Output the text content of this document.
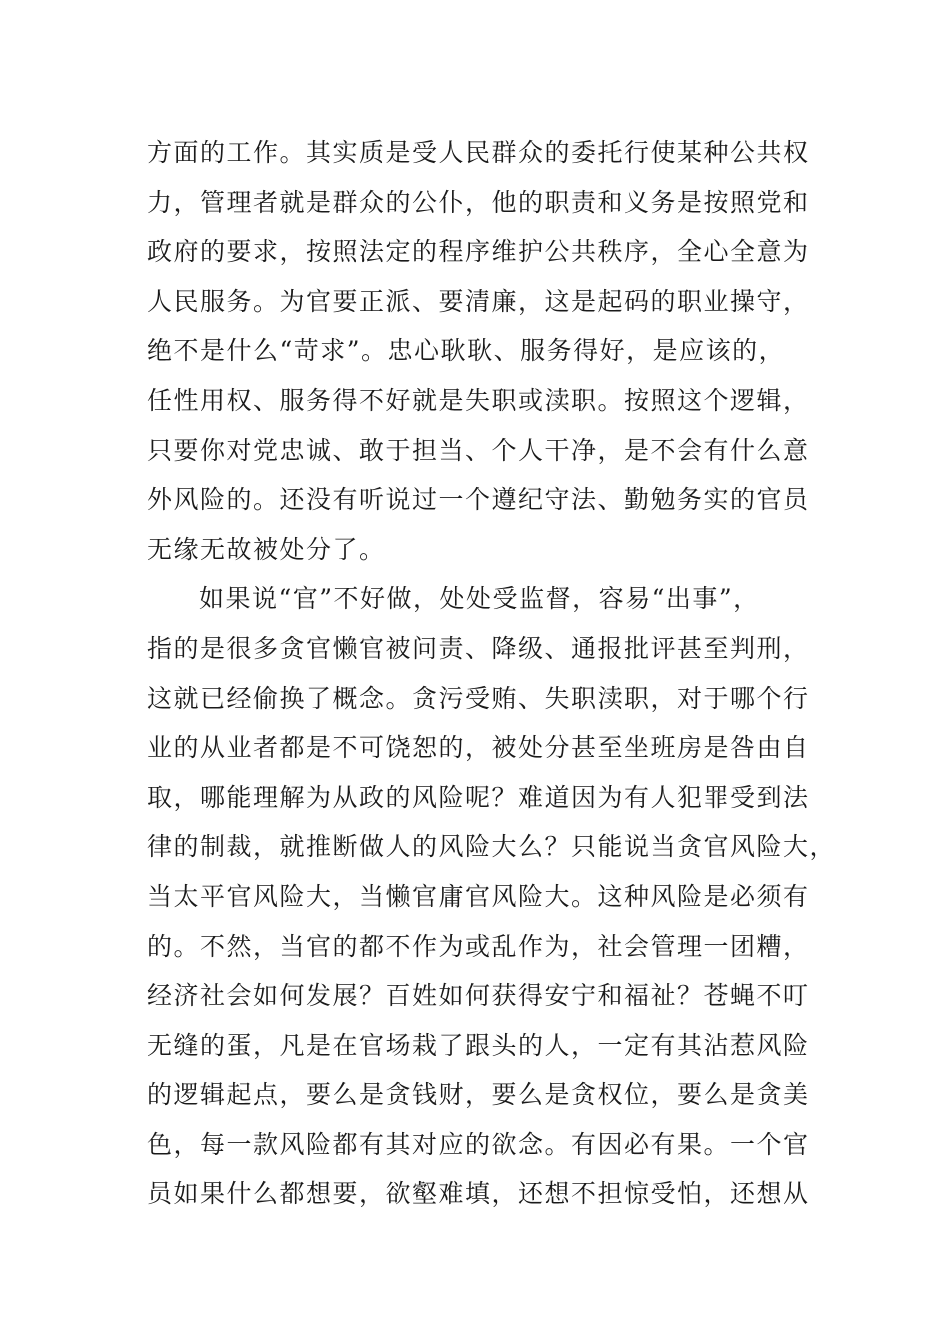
方面的工作。其实质是受人民群众的委托行使某种公共权
力，管理者就是群众的公仆，他的职责和义务是按照党和
政府的要求，按照法定的程序维护公共秩序，全心全意为
人民服务。为官要正派、要清廉，这是起码的职业操守，
绝不是什么“苛求”。忠心耿耿、服务得好，是应该的，
任性用权、服务得不好就是失职或渎职。按照这个逻辑，
只要你对党忠诚、敢于担当、个人干净，是不会有什么意
外风险的。还没有听说过一个遵纪守法、勤勉务实的官员
无缘无故被处分了。
如果说“官”不好做，处处受监督，容易“出事”，
指的是很多贪官懒官被问责、降级、通报批评甚至判刑，
这就已经偷换了概念。贪污受贿、失职渎职，对于哪个行
业的从业者都是不可饶恕的，被处分甚至坐班房是咎由自
取，哪能理解为从政的风险呢？难道因为有人犯罪受到法
律的制裁，就推断做人的风险大么？只能说当贪官风险大，
当太平官风险大，当懒官庸官风险大。这种风险是必须有
的。不然，当官的都不作为或乱作为，社会管理一团糟，
经济社会如何发展？百姓如何获得安宁和福祉？苍蝇不叮
无缝的蛋，凡是在官场栽了跟头的人，一定有其沾惹风险
的逻辑起点，要么是贪钱财，要么是贪权位，要么是贪美
色，每一款风险都有其对应的欲念。有因必有果。一个官
员如果什么都想要，欲壑难填，还想不担惊受怕，还想从
